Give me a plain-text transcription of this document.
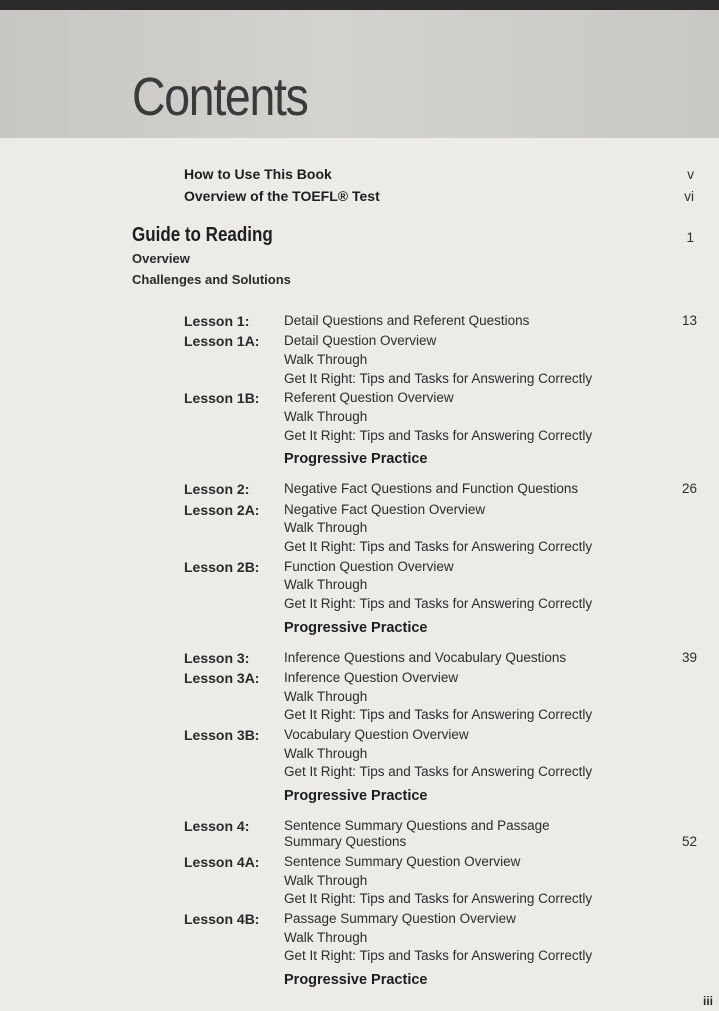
Contents
How to Use This Book	v
Overview of the TOEFL® Test	vi
Guide to Reading	1
Overview
Challenges and Solutions
Lesson 1:	Detail Questions and Referent Questions	13
Lesson 1A: Detail Question Overview
Walk Through
Get It Right: Tips and Tasks for Answering Correctly
Lesson 1B: Referent Question Overview
Walk Through
Get It Right: Tips and Tasks for Answering Correctly
Progressive Practice
Lesson 2:	Negative Fact Questions and Function Questions	26
Lesson 2A: Negative Fact Question Overview
Walk Through
Get It Right: Tips and Tasks for Answering Correctly
Lesson 2B: Function Question Overview
Walk Through
Get It Right: Tips and Tasks for Answering Correctly
Progressive Practice
Lesson 3:	Inference Questions and Vocabulary Questions	39
Lesson 3A: Inference Question Overview
Walk Through
Get It Right: Tips and Tasks for Answering Correctly
Lesson 3B: Vocabulary Question Overview
Walk Through
Get It Right: Tips and Tasks for Answering Correctly
Progressive Practice
Lesson 4:	Sentence Summary Questions and Passage
Summary Questions	52
Lesson 4A: Sentence Summary Question Overview
Walk Through
Get It Right: Tips and Tasks for Answering Correctly
Lesson 4B: Passage Summary Question Overview
Walk Through
Get It Right: Tips and Tasks for Answering Correctly
Progressive Practice
iii
